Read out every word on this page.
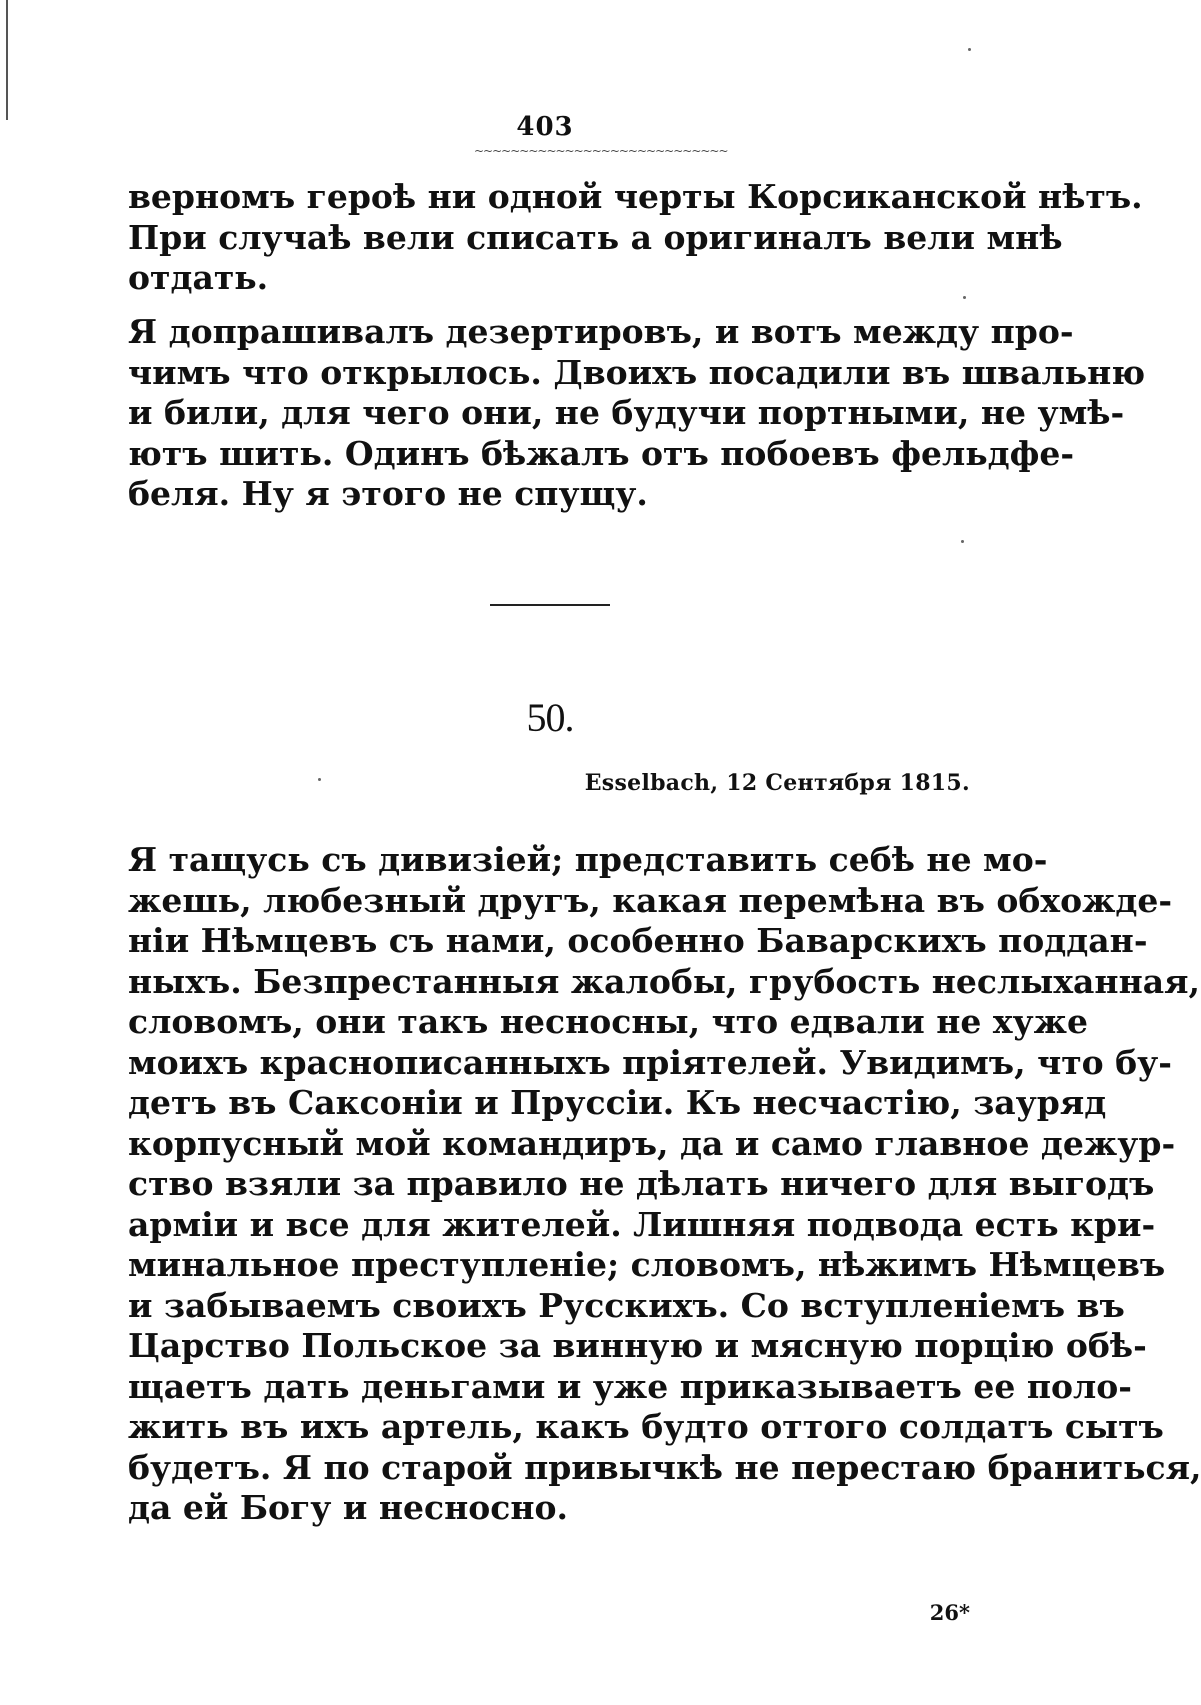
403
~~~~~~~~~~~~~~~~~~~~~~~~~~~~
верномъ героѣ ни одной черты Корсиканской нѣтъ.
При случаѣ вели списать а оригиналъ вели мнѣ
отдать.
Я допрашивалъ дезертировъ, и вотъ между про-
чимъ что открылось. Двоихъ посадили въ швальню
и били, для чего они, не будучи портными, не умѣ-
ютъ шить. Одинъ бѣжалъ отъ побоевъ фельдфе-
беля. Ну я этого не спущу.
50.
Esselbach, 12 Сентября 1815.
Я тащусь съ дивизіей; представить себѣ не мо-
жешь, любезный другъ, какая перемѣна въ обхожде-
ніи Нѣмцевъ съ нами, особенно Баварскихъ поддан-
ныхъ. Безпрестанныя жалобы, грубость неслыханная,
словомъ, они такъ несносны, что едвали не хуже
моихъ краснописанныхъ пріятелей. Увидимъ, что бу-
детъ въ Саксоніи и Пруссіи. Къ несчастію, зауряд
корпусный мой командиръ, да и само главное дежур-
ство взяли за правило не дѣлать ничего для выгодъ
арміи и все для жителей. Лишняя подвода есть кри-
минальное преступленіе; словомъ, нѣжимъ Нѣмцевъ
и забываемъ своихъ Русскихъ. Со вступленіемъ въ
Царство Польское за винную и мясную порцію обѣ-
щаетъ дать деньгами и уже приказываетъ ее поло-
жить въ ихъ артель, какъ будто оттого солдатъ сытъ
будетъ. Я по старой привычкѣ не перестаю браниться,
да ей Богу и несносно.
26*
